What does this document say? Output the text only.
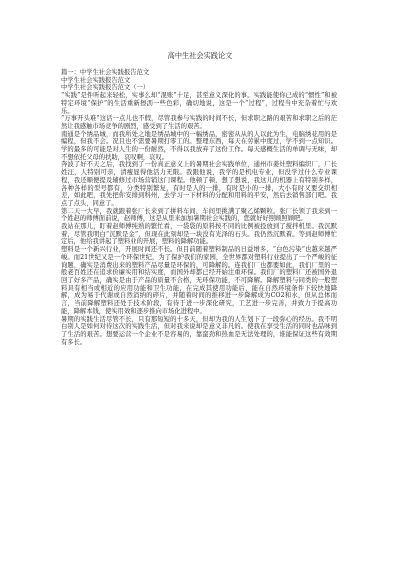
高中生社会实践论文
篇一：中学生社会实践报告范文
中学生社会实践报告范文
中学生社会实践报告范文（一）

“实践”是件听起来轻松，实事么却“混账”十足，甚至意义深化的事。实践能使你已成的“惯性”和被特定环境“保护”的生活重新擦沥一些色彩，确切地说，这是一个“过程”，过程当中充杂着忙与欢乐。

“万事开头难”这话一点儿也不假，尽管我参与实践的时间不长，但求职之路的艰苦和求职之后的茫然让我感触市场竞争的剧烈，感受到了生活的艰苦。

南通是个绣品城，而我所处之地是绣品城中的一幅绣品，密密从从的人以此为生，电脑绣花用的是编程，但我不会。况且也不需要暑期打零工的。整理东西，每天在劳累中度过，学不到一点知识。学的最多的可能是对人生的一份耐然，不得以我放弃了这份工作。每天感概生活的单调与无味，却不想依托父母的扶助，哀叹啊，哀叹。

奔波了好不天之后，我找到了一份真正意义上的暑期社会实践单位，通州市姜灶塑料编织厂，厂长姓汪，人特别可亲，清瘦显得他活力无限。我跟他说，我学的是机电专业，但没学过什么专业课程，我还顺便提及辅修过市场营销这门课程。他顿了顿，想了想说，我这儿的机器上有特别多样，各种各样的型号都有，分类特别繁复，有时是人的一排，有时是小的一排，大小有时又要交织相差，如此吧，我先把你安排到科州，去学习一下材料的分配和用料的平安，然后去销售部门吧。我点了点头，同意了。

第二天一大早，我就跟着张厂长来到了拼料车间，车间里挑满了聚乙烯颗粒。张厂长领了我来到一个姓赵的师傅面前说，赵师傅，这是从里来加加暑期社会实践的，您就好好照顾照顾吧。

我站在那儿，盯着赵师傅纯熟的繁忙看，一袋袋的原料按不同的比例被投放到了搅拌机里。我沉默着，尽管我明白“沉默是金”，但现在此刻却是一块没有光泽的石头。我仍然沉默着。等到赵师傅忙定后，他给我讲起了塑料业的开展，塑料的降解功能。

塑料是一个新兴行业，开展时间还不长。但目前随着塑料制品的日益增多，“白色污染”也越来越严峻。而21世纪又是一个环保世纪，为了保护我们的家园，全世界都对塑料行业提出了一个严峻的征询题，确实是消费出来的塑料产品尽量是环保的，可降解的。连我们厂也都要如此，我们厂里的一般老百姓还在追求价廉实用和结实度，而国外却都已经开始注重环保。我们厂的塑料厂还被国外退回了好多产品，确实是由于产品的质量不合格，无环保功能，不可降解。降解塑料与同类的一般塑料具有相当或相近的应用功能和卫生功能，在完成其使用功能后，能在自然环境条件下较快地降解，成为易于代谢或自然消纳的碎片，并随着时间的推移进一步降解成为CO2和水，但从总体而言，当前降解塑料还处于技术阶段，有待于进一步深化研究，工艺进一步完善，并致力于提高功能，降解本钱，使实用效和逐步推向市场化进程中。

暑期的实践生活尽管不长，只有那短短的十多天，但却为我的人生划下了一段弥心的经历。我不明白别人是如何对待这次的实践生活，但对我来说却是意义非凡的。使我在享受生活的同时也品味到了生活的艰苦。想要运营一个企业不是容易的，靠蛮劲和热血是无法处理的，谁能保证这些有效期有多长。
